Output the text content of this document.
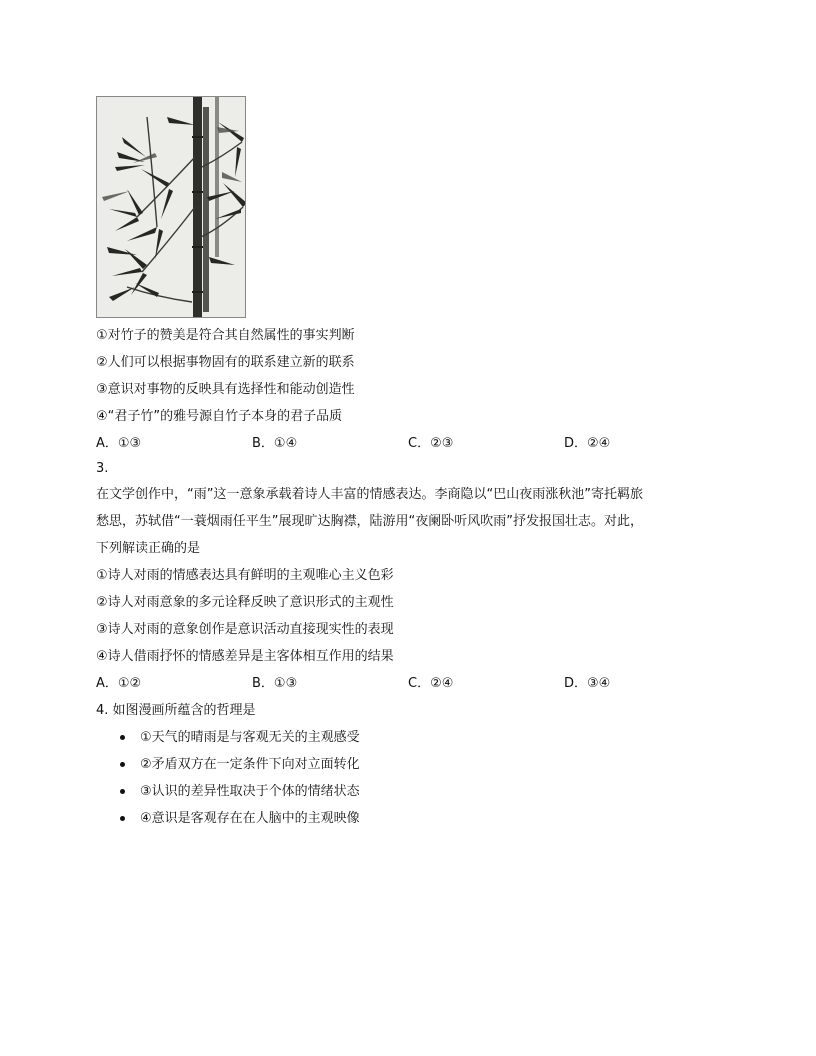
①对竹子的赞美是符合其自然属性的事实判断
②人们可以根据事物固有的联系建立新的联系
③意识对事物的反映具有选择性和能动创造性
④“君子竹”的雅号源自竹子本身的君子品质
A．①③	B．①④	C．②③	D．②④
3.
在文学创作中，“雨”这一意象承载着诗人丰富的情感表达。李商隐以“巴山夜雨涨秋池”寄托羁旅
愁思，苏轼借“一蓑烟雨任平生”展现旷达胸襟，陆游用“夜阑卧听风吹雨”抒发报国壮志。对此，
下列解读正确的是
①诗人对雨的情感表达具有鲜明的主观唯心主义色彩
②诗人对雨意象的多元诠释反映了意识形式的主观性
③诗人对雨的意象创作是意识活动直接现实性的表现
④诗人借雨抒怀的情感差异是主客体相互作用的结果
A．①②	B．①③	C．②④	D．③④
4. 如图漫画所蕴含的哲理是
①天气的晴雨是与客观无关的主观感受
②矛盾双方在一定条件下向对立面转化
③认识的差异性取决于个体的情绪状态
④意识是客观存在在人脑中的主观映像
